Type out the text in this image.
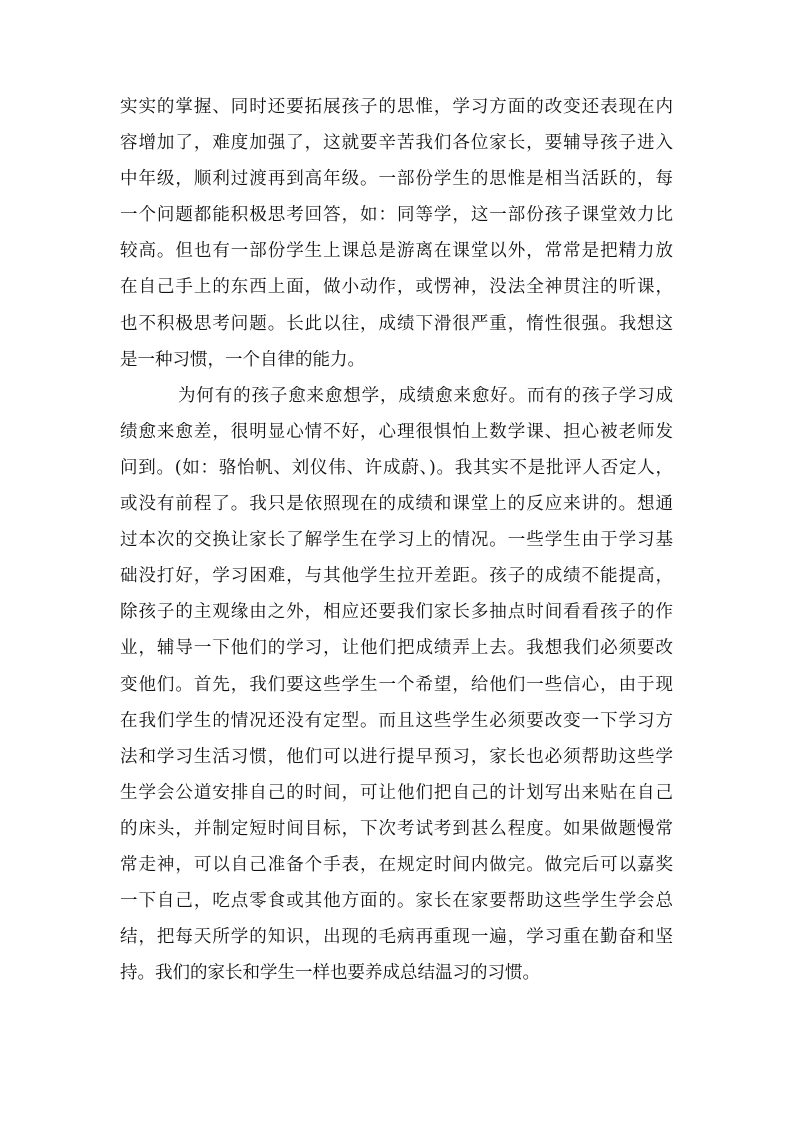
实实的掌握、同时还要拓展孩子的思惟，学习方面的改变还表现在内
容增加了，难度加强了，这就要辛苦我们各位家长，要辅导孩子进入
中年级，顺利过渡再到高年级。一部份学生的思惟是相当活跃的，每
一个问题都能积极思考回答，如：同等学，这一部份孩子课堂效力比
较高。但也有一部份学生上课总是游离在课堂以外，常常是把精力放
在自己手上的东西上面，做小动作，或愣神，没法全神贯注的听课，
也不积极思考问题。长此以往，成绩下滑很严重，惰性很强。我想这
是一种习惯，一个自律的能力。
为何有的孩子愈来愈想学，成绩愈来愈好。而有的孩子学习成
绩愈来愈差，很明显心情不好，心理很惧怕上数学课、担心被老师发
问到。(如：骆怡帆、刘仪伟、许成蔚、)。我其实不是批评人否定人，
或没有前程了。我只是依照现在的成绩和课堂上的反应来讲的。想通
过本次的交换让家长了解学生在学习上的情况。一些学生由于学习基
础没打好，学习困难，与其他学生拉开差距。孩子的成绩不能提高，
除孩子的主观缘由之外，相应还要我们家长多抽点时间看看孩子的作
业，辅导一下他们的学习，让他们把成绩弄上去。我想我们必须要改
变他们。首先，我们要这些学生一个希望，给他们一些信心，由于现
在我们学生的情况还没有定型。而且这些学生必须要改变一下学习方
法和学习生活习惯，他们可以进行提早预习，家长也必须帮助这些学
生学会公道安排自己的时间，可让他们把自己的计划写出来贴在自己
的床头，并制定短时间目标，下次考试考到甚么程度。如果做题慢常
常走神，可以自己准备个手表，在规定时间内做完。做完后可以嘉奖
一下自己，吃点零食或其他方面的。家长在家要帮助这些学生学会总
结，把每天所学的知识，出现的毛病再重现一遍，学习重在勤奋和坚
持。我们的家长和学生一样也要养成总结温习的习惯。
